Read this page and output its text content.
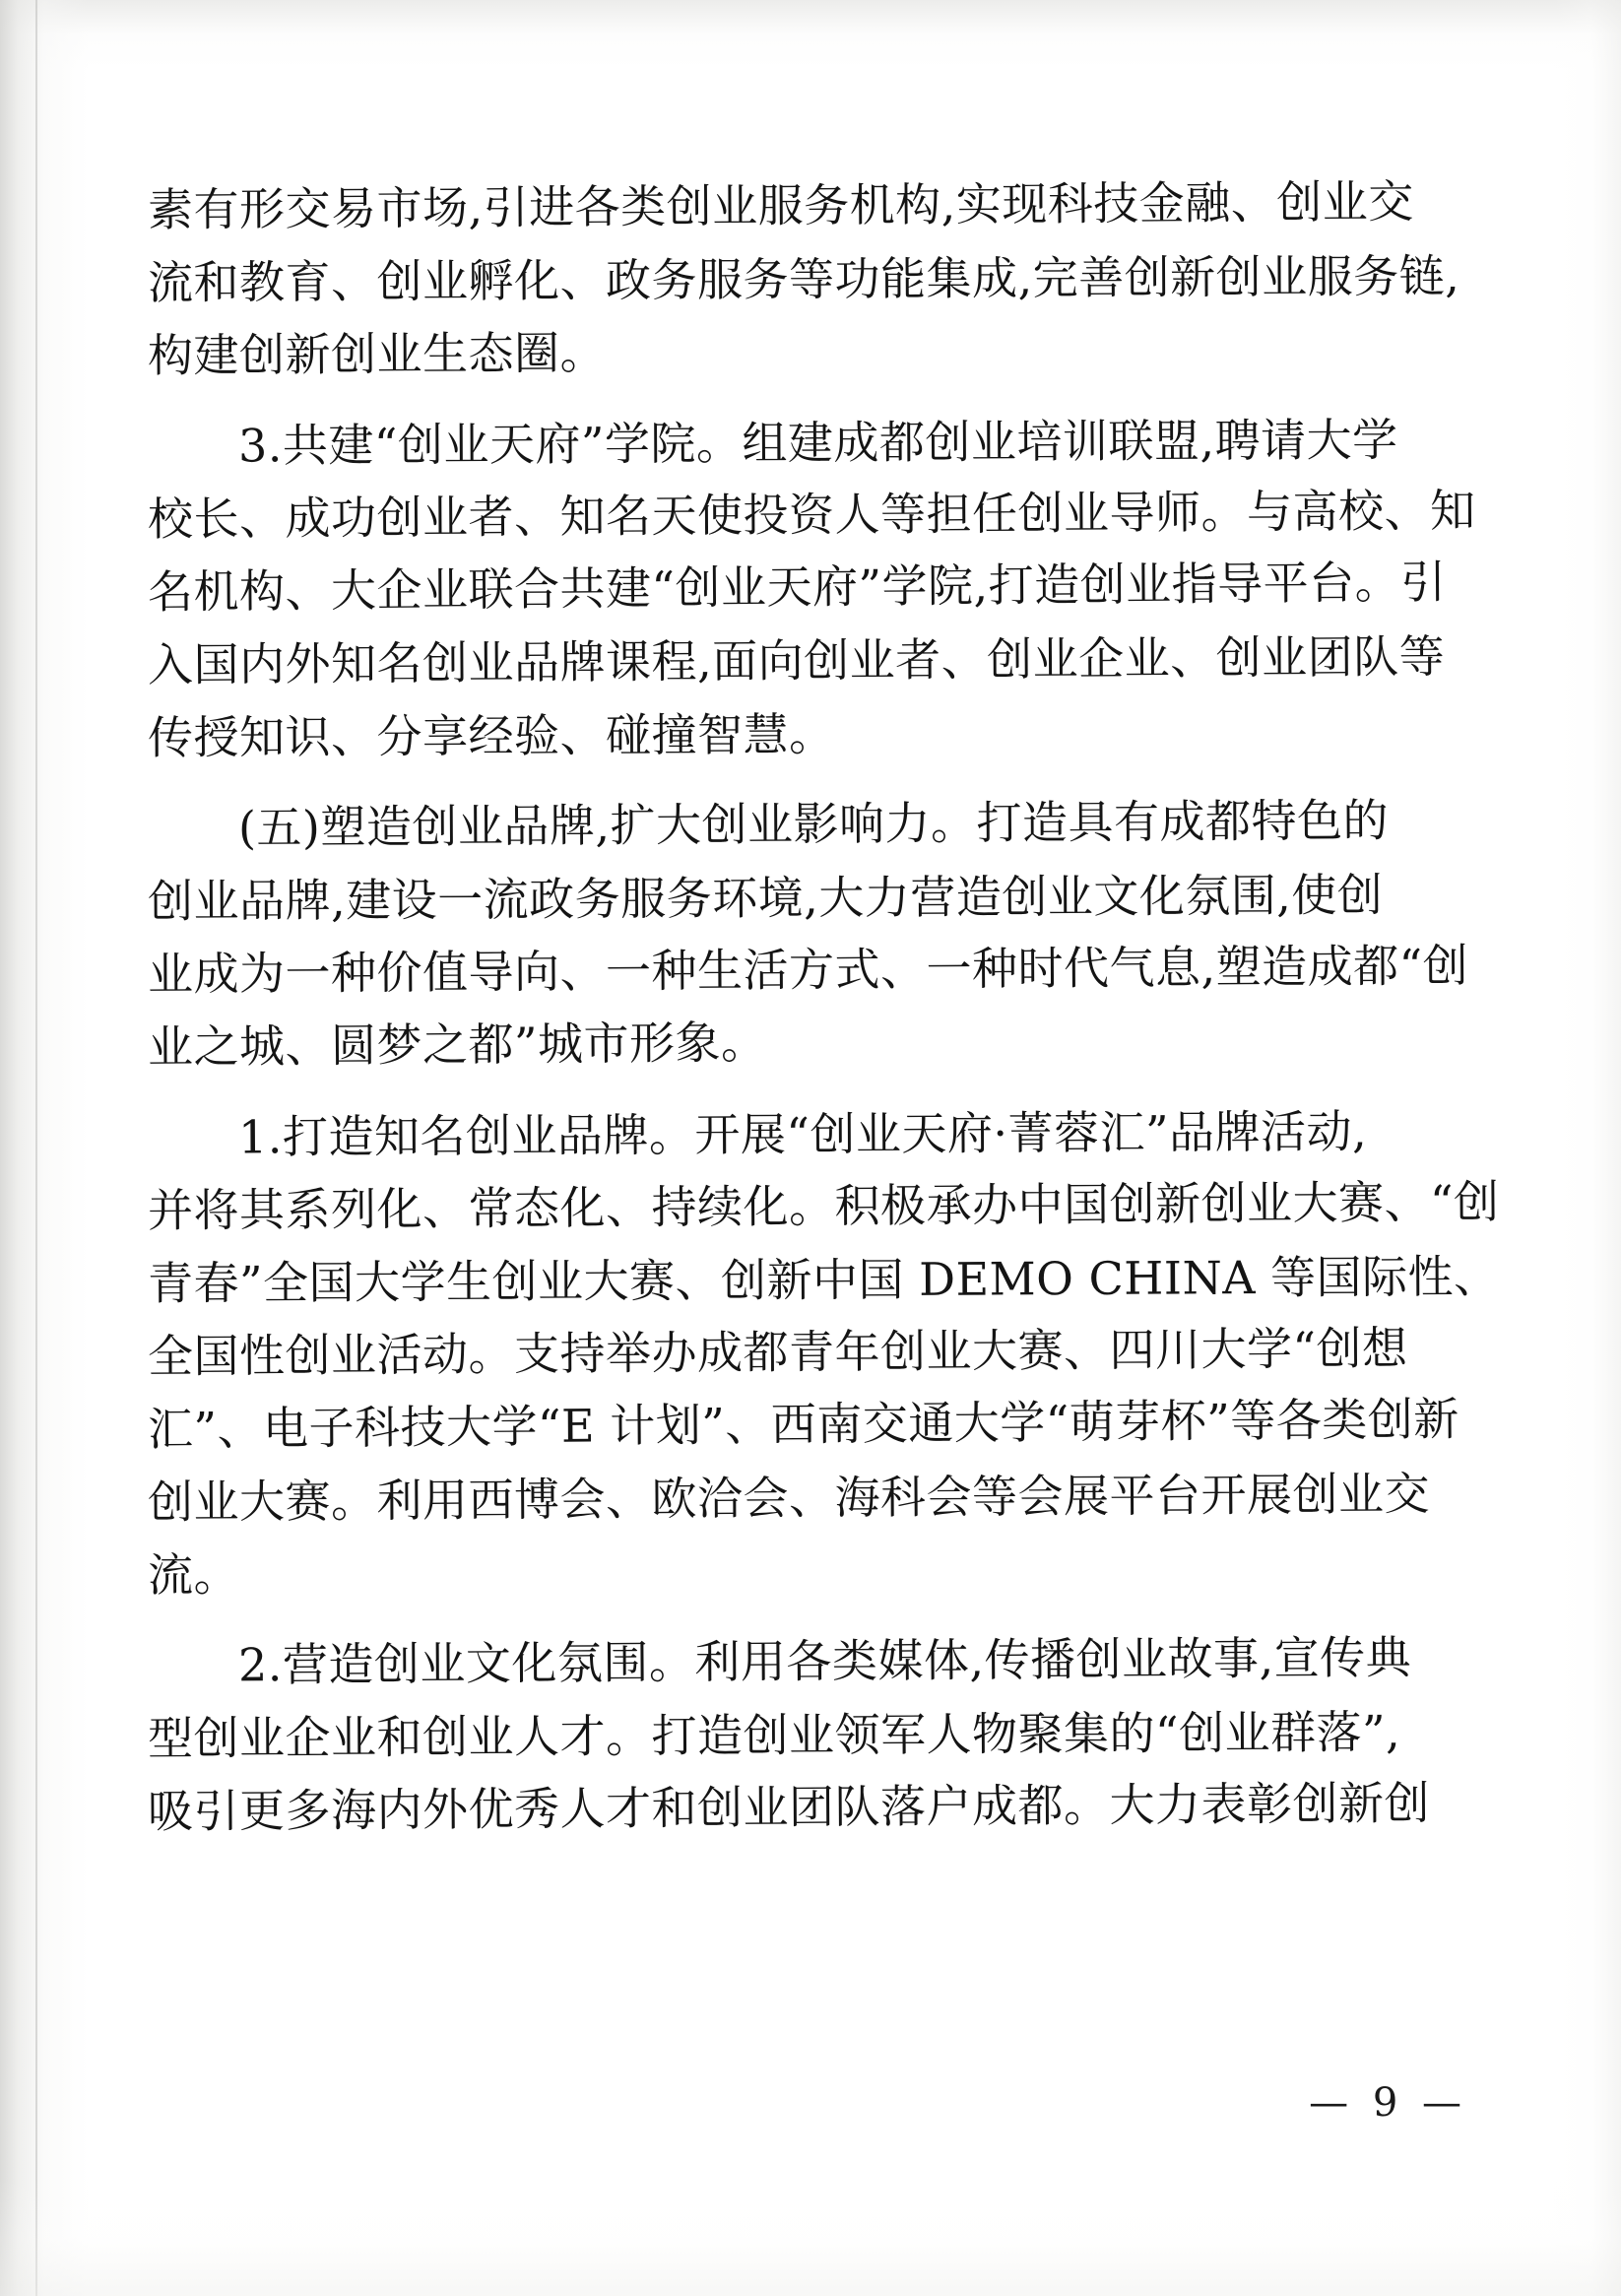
素有形交易市场,引进各类创业服务机构,实现科技金融、创业交
流和教育、创业孵化、政务服务等功能集成,完善创新创业服务链,
构建创新创业生态圈。

3.共建“创业天府”学院。组建成都创业培训联盟,聘请大学
校长、成功创业者、知名天使投资人等担任创业导师。与高校、知
名机构、大企业联合共建“创业天府”学院,打造创业指导平台。引
入国内外知名创业品牌课程,面向创业者、创业企业、创业团队等
传授知识、分享经验、碰撞智慧。

(五)塑造创业品牌,扩大创业影响力。打造具有成都特色的
创业品牌,建设一流政务服务环境,大力营造创业文化氛围,使创
业成为一种价值导向、一种生活方式、一种时代气息,塑造成都“创
业之城、圆梦之都”城市形象。

1.打造知名创业品牌。开展“创业天府·菁蓉汇”品牌活动,
并将其系列化、常态化、持续化。积极承办中国创新创业大赛、“创
青春”全国大学生创业大赛、创新中国 DEMO CHINA 等国际性、
全国性创业活动。支持举办成都青年创业大赛、四川大学“创想
汇”、电子科技大学“E 计划”、西南交通大学“萌芽杯”等各类创新
创业大赛。利用西博会、欧洽会、海科会等会展平台开展创业交
流。

2.营造创业文化氛围。利用各类媒体,传播创业故事,宣传典
型创业企业和创业人才。打造创业领军人物聚集的“创业群落”,
吸引更多海内外优秀人才和创业团队落户成都。大力表彰创新创

— 9 —
